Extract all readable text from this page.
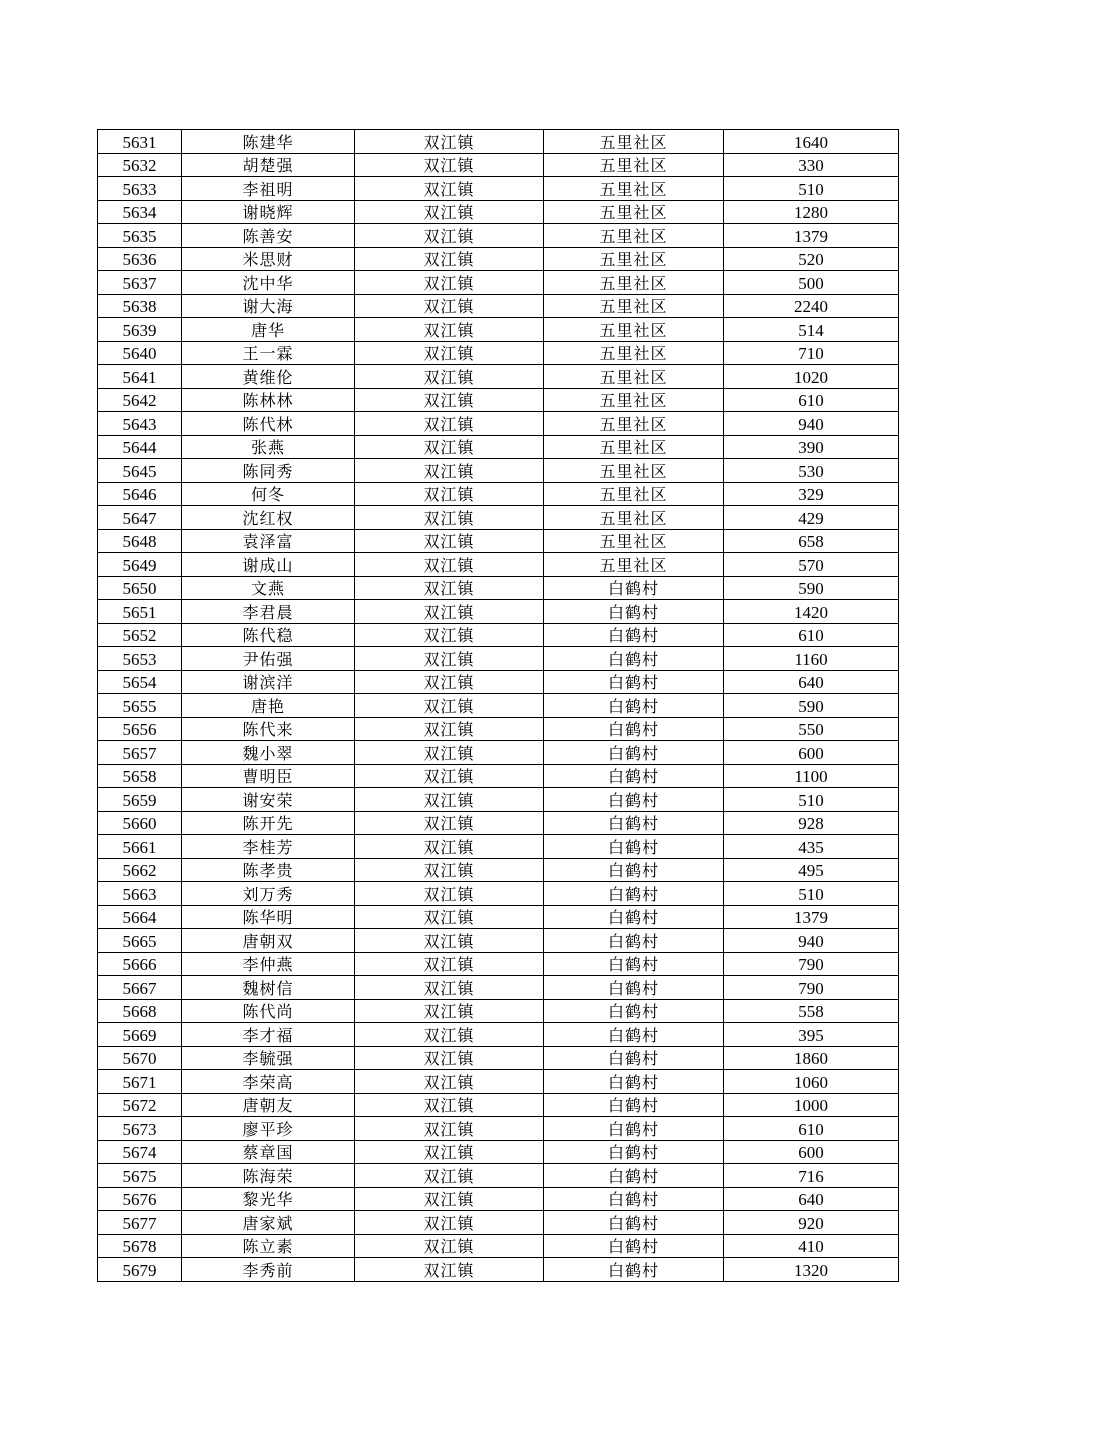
5631	陈建华	双江镇	五里社区	1640
5632	胡楚强	双江镇	五里社区	330
5633	李祖明	双江镇	五里社区	510
5634	谢晓辉	双江镇	五里社区	1280
5635	陈善安	双江镇	五里社区	1379
5636	米思财	双江镇	五里社区	520
5637	沈中华	双江镇	五里社区	500
5638	谢大海	双江镇	五里社区	2240
5639	唐华	双江镇	五里社区	514
5640	王一霖	双江镇	五里社区	710
5641	黄维伦	双江镇	五里社区	1020
5642	陈林林	双江镇	五里社区	610
5643	陈代林	双江镇	五里社区	940
5644	张燕	双江镇	五里社区	390
5645	陈同秀	双江镇	五里社区	530
5646	何冬	双江镇	五里社区	329
5647	沈红权	双江镇	五里社区	429
5648	袁泽富	双江镇	五里社区	658
5649	谢成山	双江镇	五里社区	570
5650	文燕	双江镇	白鹤村	590
5651	李君晨	双江镇	白鹤村	1420
5652	陈代稳	双江镇	白鹤村	610
5653	尹佑强	双江镇	白鹤村	1160
5654	谢滨洋	双江镇	白鹤村	640
5655	唐艳	双江镇	白鹤村	590
5656	陈代来	双江镇	白鹤村	550
5657	魏小翠	双江镇	白鹤村	600
5658	曹明臣	双江镇	白鹤村	1100
5659	谢安荣	双江镇	白鹤村	510
5660	陈开先	双江镇	白鹤村	928
5661	李桂芳	双江镇	白鹤村	435
5662	陈孝贵	双江镇	白鹤村	495
5663	刘万秀	双江镇	白鹤村	510
5664	陈华明	双江镇	白鹤村	1379
5665	唐朝双	双江镇	白鹤村	940
5666	李仲燕	双江镇	白鹤村	790
5667	魏树信	双江镇	白鹤村	790
5668	陈代尚	双江镇	白鹤村	558
5669	李才福	双江镇	白鹤村	395
5670	李毓强	双江镇	白鹤村	1860
5671	李荣高	双江镇	白鹤村	1060
5672	唐朝友	双江镇	白鹤村	1000
5673	廖平珍	双江镇	白鹤村	610
5674	蔡章国	双江镇	白鹤村	600
5675	陈海荣	双江镇	白鹤村	716
5676	黎光华	双江镇	白鹤村	640
5677	唐家斌	双江镇	白鹤村	920
5678	陈立素	双江镇	白鹤村	410
5679	李秀前	双江镇	白鹤村	1320
